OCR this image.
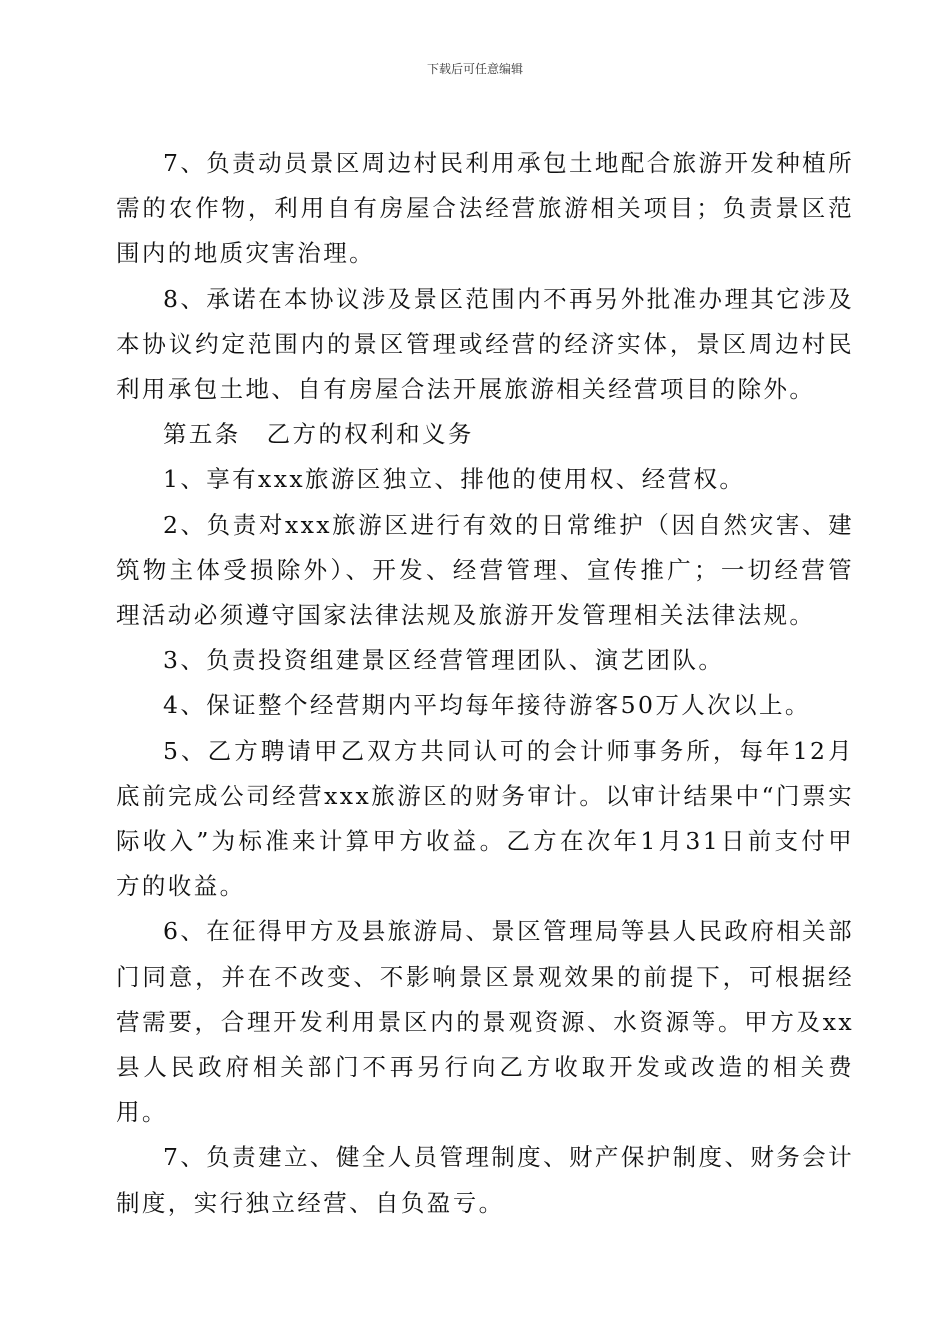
下载后可任意编辑

7、负责动员景区周边村民利用承包土地配合旅游开发种植所需的农作物，利用自有房屋合法经营旅游相关项目；负责景区范围内的地质灾害治理。

8、承诺在本协议涉及景区范围内不再另外批准办理其它涉及本协议约定范围内的景区管理或经营的经济实体，景区周边村民利用承包土地、自有房屋合法开展旅游相关经营项目的除外。

第五条　乙方的权利和义务

1、享有xxx旅游区独立、排他的使用权、经营权。

2、负责对xxx旅游区进行有效的日常维护（因自然灾害、建筑物主体受损除外）、开发、经营管理、宣传推广；一切经营管理活动必须遵守国家法律法规及旅游开发管理相关法律法规。

3、负责投资组建景区经营管理团队、演艺团队。

4、保证整个经营期内平均每年接待游客50万人次以上。

5、乙方聘请甲乙双方共同认可的会计师事务所，每年12月底前完成公司经营xxx旅游区的财务审计。以审计结果中“门票实际收入”为标准来计算甲方收益。乙方在次年1月31日前支付甲方的收益。

6、在征得甲方及县旅游局、景区管理局等县人民政府相关部门同意，并在不改变、不影响景区景观效果的前提下，可根据经营需要，合理开发利用景区内的景观资源、水资源等。甲方及xx县人民政府相关部门不再另行向乙方收取开发或改造的相关费用。

7、负责建立、健全人员管理制度、财产保护制度、财务会计制度，实行独立经营、自负盈亏。
